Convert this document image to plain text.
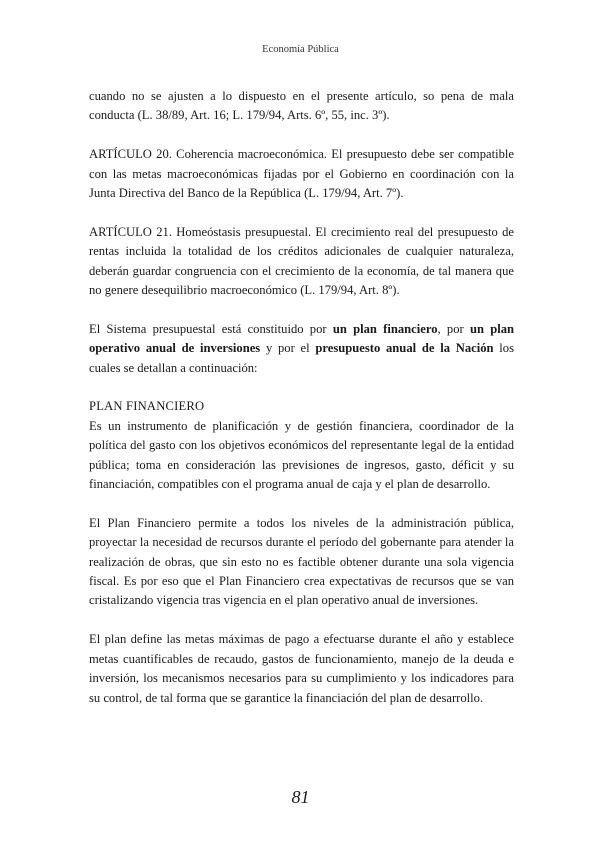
Economía Pública

cuando no se ajusten a lo dispuesto en el presente artículo, so pena de mala conducta (L. 38/89, Art. 16; L. 179/94, Arts. 6º, 55, inc. 3º).

ARTÍCULO 20. Coherencia macroeconómica. El presupuesto debe ser compatible con las metas macroeconómicas fijadas por el Gobierno en coordinación con la Junta Directiva del Banco de la República (L. 179/94, Art. 7º).

ARTÍCULO 21. Homeóstasis presupuestal. El crecimiento real del presupuesto de rentas incluida la totalidad de los créditos adicionales de cualquier naturaleza, deberán guardar congruencia con el crecimiento de la economía, de tal manera que no genere desequilibrio macroeconómico (L. 179/94, Art. 8º).

El Sistema presupuestal está constituido por un plan financiero, por un plan operativo anual de inversiones y por el presupuesto anual de la Nación los cuales se detallan a continuación:

PLAN FINANCIERO

Es un instrumento de planificación y de gestión financiera, coordinador de la política del gasto con los objetivos económicos del representante legal de la entidad pública; toma en consideración las previsiones de ingresos, gasto, déficit y su financiación, compatibles con el programa anual de caja y el plan de desarrollo.

El Plan Financiero permite a todos los niveles de la administración pública, proyectar la necesidad de recursos durante el período del gobernante para atender la realización de obras, que sin esto no es factible obtener durante una sola vigencia fiscal. Es por eso que el Plan Financiero crea expectativas de recursos que se van cristalizando vigencia tras vigencia en el plan operativo anual de inversiones.

El plan define las metas máximas de pago a efectuarse durante el año y establece metas cuantificables de recaudo, gastos de funcionamiento, manejo de la deuda e inversión, los mecanismos necesarios para su cumplimiento y los indicadores para su control, de tal forma que se garantice la financiación del plan de desarrollo.

81
